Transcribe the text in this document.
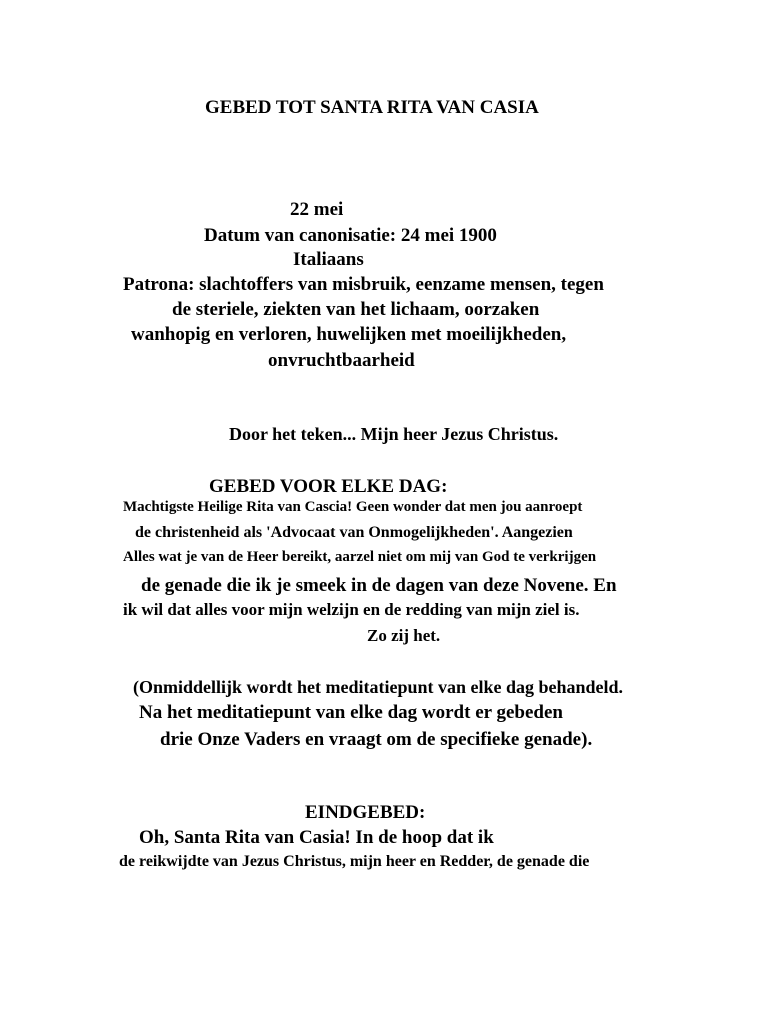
GEBED TOT SANTA RITA VAN CASIA
22 mei
Datum van canonisatie: 24 mei 1900
Italiaans
Patrona: slachtoffers van misbruik, eenzame mensen, tegen
de steriele, ziekten van het lichaam, oorzaken
wanhopig en verloren, huwelijken met moeilijkheden,
onvruchtbaarheid
Door het teken... Mijn heer Jezus Christus.
GEBED VOOR ELKE DAG:
Machtigste Heilige Rita van Cascia! Geen wonder dat men jou aanroept
de christenheid als 'Advocaat van Onmogelijkheden'. Aangezien
Alles wat je van de Heer bereikt, aarzel niet om mij van God te verkrijgen
de genade die ik je smeek in de dagen van deze Novene. En
ik wil dat alles voor mijn welzijn en de redding van mijn ziel is.
Zo zij het.
(Onmiddellijk wordt het meditatiepunt van elke dag behandeld.
Na het meditatiepunt van elke dag wordt er gebeden
drie Onze Vaders en vraagt om de specifieke genade).
EINDGEBED:
Oh, Santa Rita van Casia! In de hoop dat ik
de reikwijdte van Jezus Christus, mijn heer en Redder, de genade die
